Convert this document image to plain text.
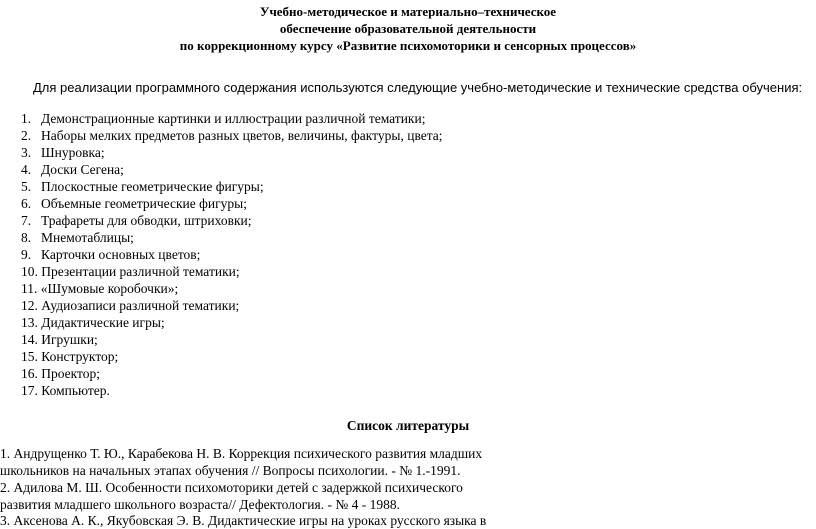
Учебно-методическое и материально–техническое
обеспечение образовательной деятельности
по коррекционному курсу «Развитие психомоторики и сенсорных процессов»
Для реализации программного содержания используются следующие учебно-методические и технические средства обучения:
1. Демонстрационные картинки и иллюстрации различной тематики;
2. Наборы мелких предметов разных цветов, величины, фактуры, цвета;
3. Шнуровка;
4. Доски Сегена;
5. Плоскостные геометрические фигуры;
6. Объемные геометрические фигуры;
7. Трафареты для обводки, штриховки;
8. Мнемотаблицы;
9. Карточки основных цветов;
10. Презентации различной тематики;
11. «Шумовые коробочки»;
12. Аудиозаписи различной тематики;
13. Дидактические игры;
14. Игрушки;
15. Конструктор;
16. Проектор;
17. Компьютер.
Список литературы
1. Андрущенко Т. Ю., Карабекова Н. В. Коррекция психического развития младших
школьников на начальных этапах обучения // Вопросы психологии. - № 1.-1991.
2. Адилова М. Ш. Особенности психомоторики детей с задержкой психического
развития младшего школьного возраста// Дефектология. - № 4 - 1988.
3. Аксенова А. К., Якубовская Э. В. Дидактические игры на уроках русского языка в
